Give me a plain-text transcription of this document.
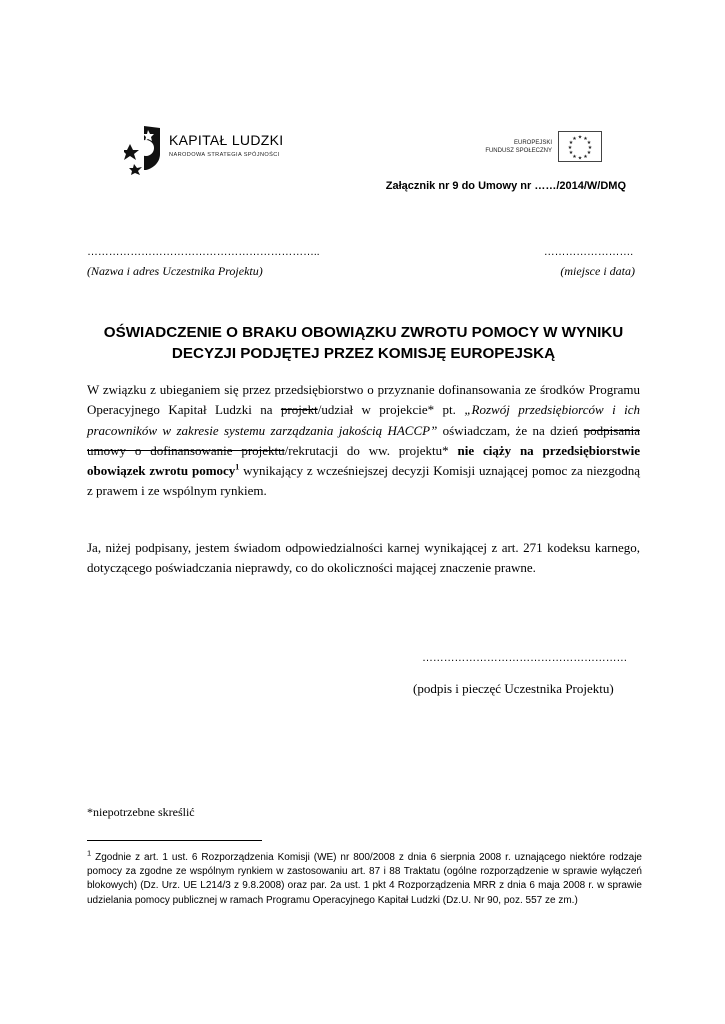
KAPITAŁ LUDZKI
NARODOWA STRATEGIA SPÓJNOŚCI
EUROPEJSKI
FUNDUSZ SPOŁECZNY
★ ★
★
★
★
★
★
★
★
★
★
★
Załącznik nr 9 do Umowy nr ……/2014/W/DMQ
………………………………………………………..
(Nazwa i adres Uczestnika Projektu)
…………………….
(miejsce i data)
OŚWIADCZENIE O BRAKU OBOWIĄZKU ZWROTU POMOCY W WYNIKU
DECYZJI PODJĘTEJ PRZEZ KOMISJĘ EUROPEJSKĄ
W związku z ubieganiem się przez przedsiębiorstwo o przyznanie dofinansowania ze środków Programu Operacyjnego Kapitał Ludzki na projekt/udział w projekcie* pt. „Rozwój przedsiębiorców i ich pracowników w zakresie systemu zarządzania jakością HACCP” oświadczam, że na dzień podpisania umowy o dofinansowanie projektu/rekrutacji do ww. projektu* nie ciąży na przedsiębiorstwie obowiązek zwrotu pomocy$^1$ wynikający z wcześniejszej decyzji Komisji uznającej pomoc za niezgodną z prawem i ze wspólnym rynkiem.
Ja, niżej podpisany, jestem świadom odpowiedzialności karnej wynikającej z art. 271 kodeksu karnego, dotyczącego poświadczania nieprawdy, co do okoliczności mającej znaczenie prawne.
…………………………………………………
(podpis i pieczęć Uczestnika Projektu)
*niepotrzebne skreślić
$^1$ Zgodnie z art. 1 ust. 6 Rozporządzenia Komisji (WE) nr 800/2008 z dnia 6 sierpnia 2008 r. uznającego niektóre rodzaje pomocy za zgodne ze wspólnym rynkiem w zastosowaniu art. 87 i 88 Traktatu (ogólne rozporządzenie w sprawie wyłączeń blokowych) (Dz. Urz. UE L214/3 z 9.8.2008) oraz par. 2a ust. 1 pkt 4 Rozporządzenia MRR z dnia 6 maja 2008 r. w sprawie udzielania pomocy publicznej w ramach Programu Operacyjnego Kapitał Ludzki (Dz.U. Nr 90, poz. 557 ze zm.)
